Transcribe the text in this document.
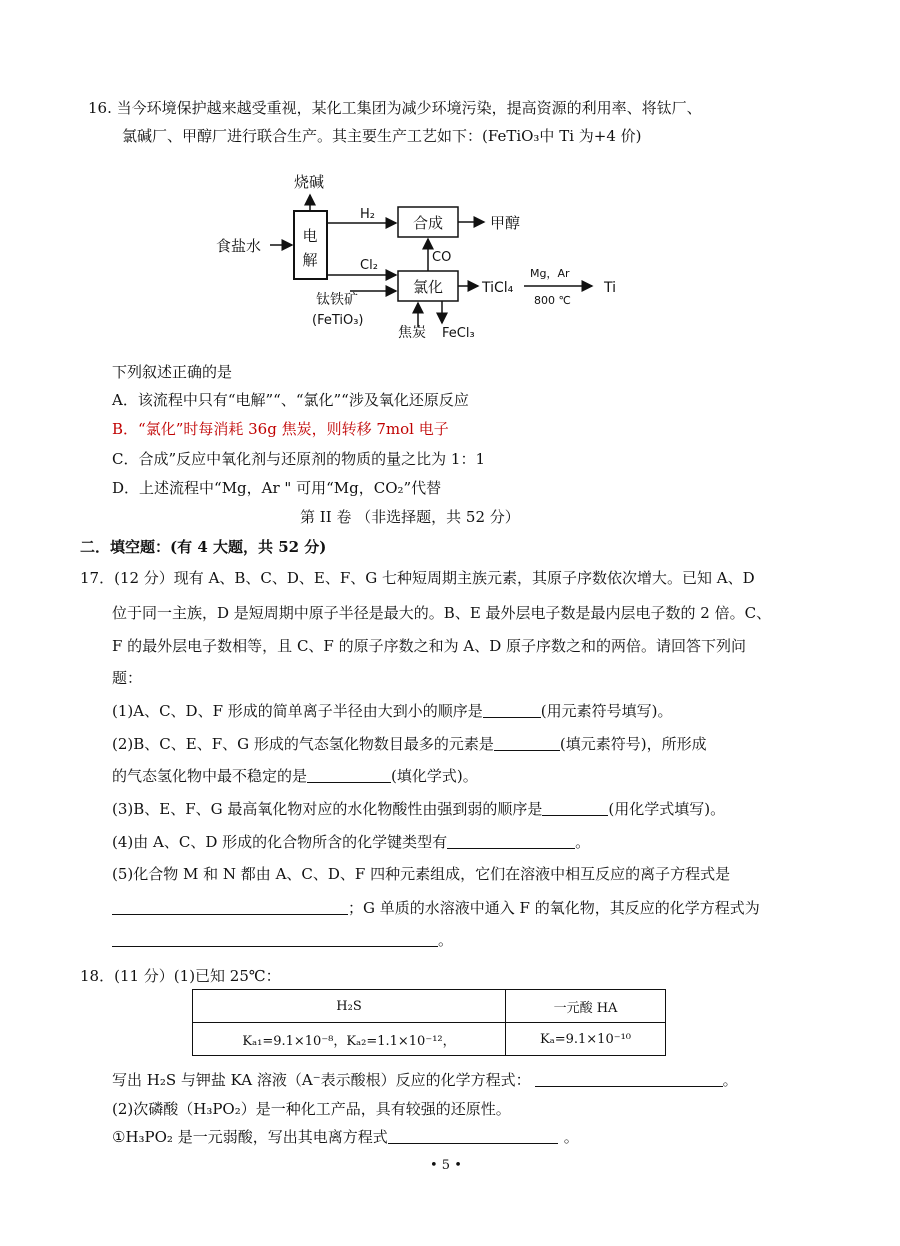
16. 当今环境保护越来越受重视，某化工集团为减少环境污染，提高资源的利用率、将钛厂、
氯碱厂、甲醇厂进行联合生产。其主要生产工艺如下：(FeTiO₃中 Ti 为+4 价)
电
解
食盐水
烧碱
H₂	合成	甲醇
CO
Cl₂
氯化
钛铁矿
(FeTiO₃)
焦炭 FeCl₃
TiCl₄
Mg，Ar
800 ℃
Ti
下列叙述正确的是
A．该流程中只有“电解”“、“氯化”“涉及氧化还原反应
B．“氯化”时每消耗 36g 焦炭，则转移 7mol 电子
C．合成”反应中氧化剂与还原剂的物质的量之比为 1：1
D．上述流程中“Mg，Ar " 可用“Mg，CO₂”代替
第 II 卷 （非选择题，共 52 分）
二．填空题：(有 4 大题，共 52 分)
17．(12 分）现有 A、B、C、D、E、F、G 七种短周期主族元素，其原子序数依次增大。已知 A、D
位于同一主族，D 是短周期中原子半径是最大的。B、E 最外层电子数是最内层电子数的 2 倍。C、
F 的最外层电子数相等，且 C、F 的原子序数之和为 A、D 原子序数之和的两倍。请回答下列问
题：
(1)A、C、D、F 形成的简单离子半径由大到小的顺序是	(用元素符号填写)。
(2)B、C、E、F、G 形成的气态氢化物数目最多的元素是	(填元素符号)，所形成
的气态氢化物中最不稳定的是	(填化学式)。
(3)B、E、F、G 最高氧化物对应的水化物酸性由强到弱的顺序是	(用化学式填写)。
(4)由 A、C、D 形成的化合物所含的化学键类型有	。
(5)化合物 M 和 N 都由 A、C、D、F 四种元素组成，它们在溶液中相互反应的离子方程式是
；G 单质的水溶液中通入 F 的氧化物，其反应的化学方程式为
。
18．(11 分）(1)已知 25℃：
H₂S	一元酸 HA
Kₐ₁=9.1×10⁻⁸，Kₐ₂=1.1×10⁻¹²，	Kₐ=9.1×10⁻¹⁰
写出 H₂S 与钾盐 KA 溶液（A⁻表示酸根）反应的化学方程式：	。
(2)次磷酸（H₃PO₂）是一种化工产品，具有较强的还原性。
①H₃PO₂ 是一元弱酸，写出其电离方程式	。
• 5 •
